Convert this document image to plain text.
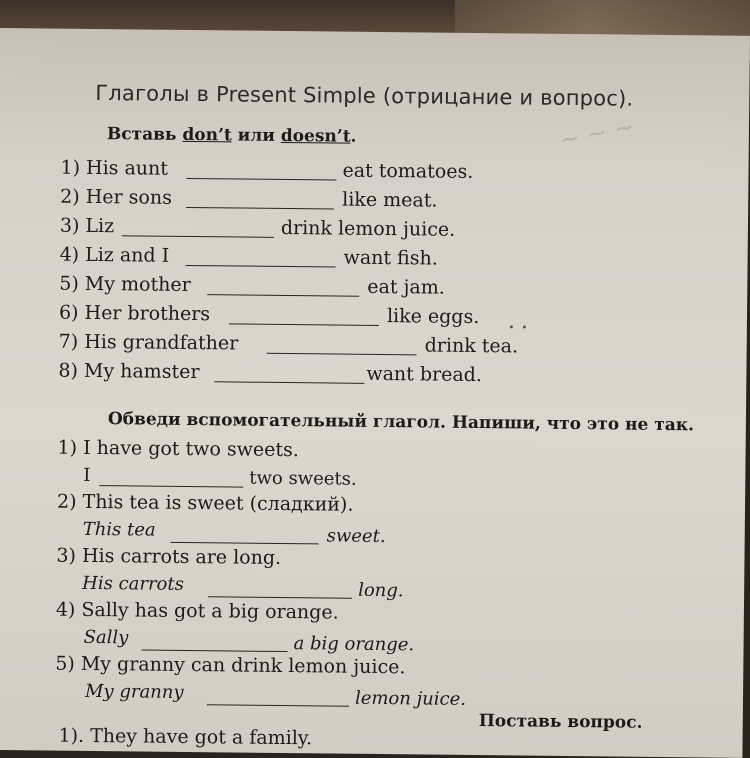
~ ~ ~
Глаголы в Present Simple (отрицание и вопрос).
Вставь don’t или doesn’t.
1) His aunt	eat tomatoes.
2) Her sons	like meat.
3) Liz	drink lemon juice.
4) Liz and I	want fish.
5) My mother	eat jam.
6) Her brothers	like eggs.
7) His grandfather	drink tea.
8) My hamster	want bread.
Обведи вспомогательный глагол. Напиши, что это не так.
1) I have got two sweets.
I	two sweets.
2) This tea is sweet (сладкий).
This tea	sweet.
3) His carrots are long.
His carrots	long.
4) Sally has got a big orange.
Sally	a big orange.
5) My granny can drink lemon juice.
My granny	lemon juice.
Поставь вопрос.
1). They have got a family.
